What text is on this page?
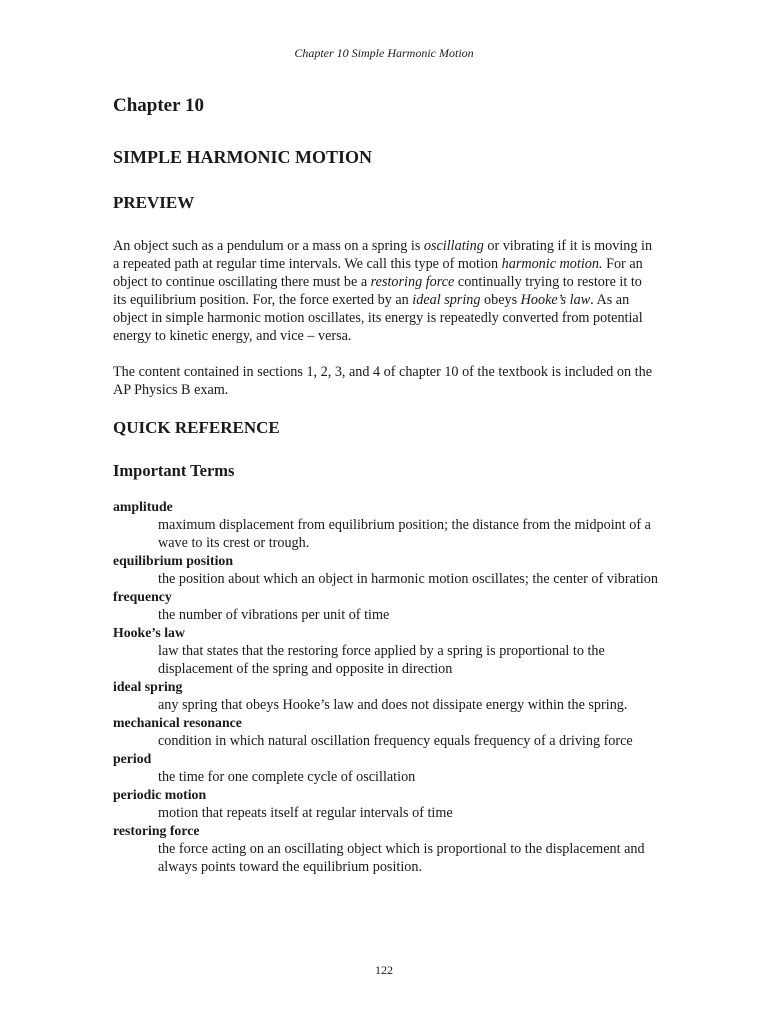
Chapter 10 Simple Harmonic Motion
Chapter 10
SIMPLE HARMONIC MOTION
PREVIEW

An object such as a pendulum or a mass on a spring is oscillating or vibrating if it is moving in a repeated path at regular time intervals. We call this type of motion harmonic motion. For an object to continue oscillating there must be a restoring force continually trying to restore it to its equilibrium position. For, the force exerted by an ideal spring obeys Hooke’s law. As an object in simple harmonic motion oscillates, its energy is repeatedly converted from potential energy to kinetic energy, and vice – versa.

The content contained in sections 1, 2, 3, and 4 of chapter 10 of the textbook is included on the AP Physics B exam.

QUICK REFERENCE
Important Terms
amplitude
maximum displacement from equilibrium position; the distance from the midpoint of a wave to its crest or trough.
equilibrium position
the position about which an object in harmonic motion oscillates; the center of vibration
frequency
the number of vibrations per unit of time
Hooke’s law
law that states that the restoring force applied by a spring is proportional to the displacement of the spring and opposite in direction
ideal spring
any spring that obeys Hooke’s law and does not dissipate energy within the spring.
mechanical resonance
condition in which natural oscillation frequency equals frequency of a driving force
period
the time for one complete cycle of oscillation
periodic motion
motion that repeats itself at regular intervals of time
restoring force
the force acting on an oscillating object which is proportional to the displacement and always points toward the equilibrium position.
122
